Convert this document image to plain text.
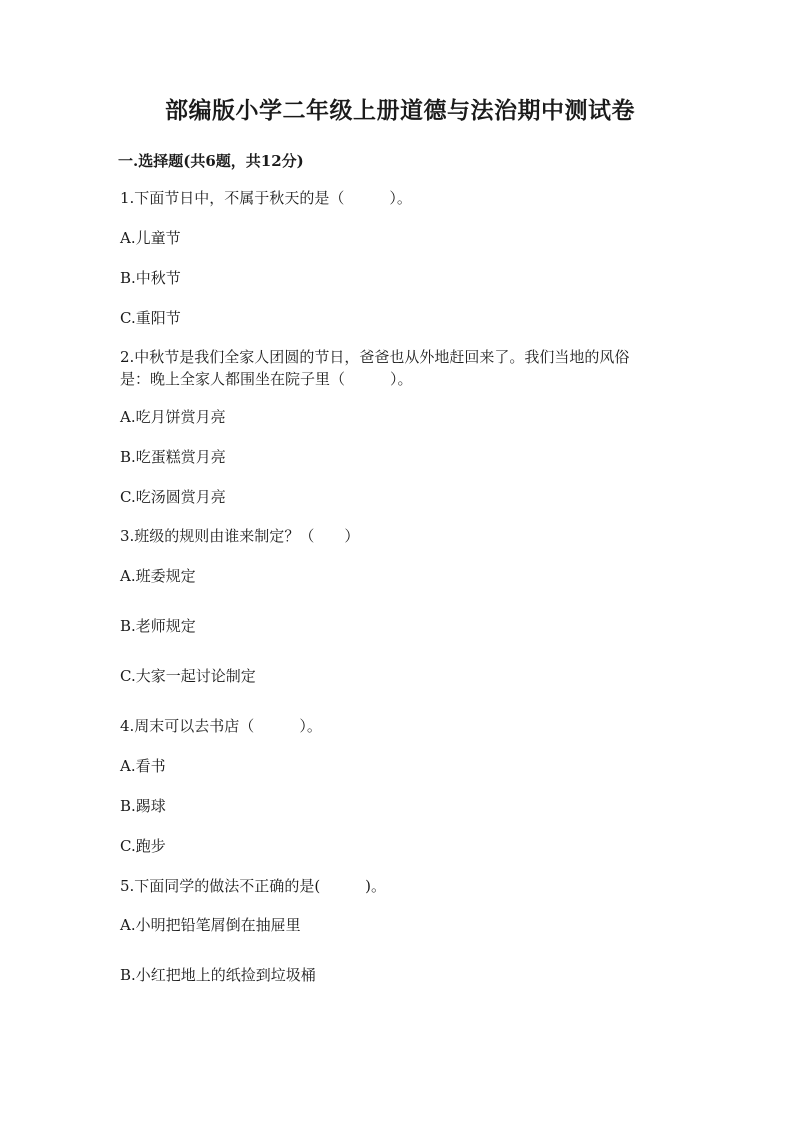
部编版小学二年级上册道德与法治期中测试卷
一.选择题(共6题，共12分)
1.下面节日中，不属于秋天的是（　　　）。
A.儿童节
B.中秋节
C.重阳节
2.中秋节是我们全家人团圆的节日，爸爸也从外地赶回来了。我们当地的风俗
是：晚上全家人都围坐在院子里（　　　）。
A.吃月饼赏月亮
B.吃蛋糕赏月亮
C.吃汤圆赏月亮
3.班级的规则由谁来制定？（　　）
A.班委规定
B.老师规定
C.大家一起讨论制定
4.周末可以去书店（　　　）。
A.看书
B.踢球
C.跑步
5.下面同学的做法不正确的是(　　　)。
A.小明把铅笔屑倒在抽屉里
B.小红把地上的纸捡到垃圾桶
